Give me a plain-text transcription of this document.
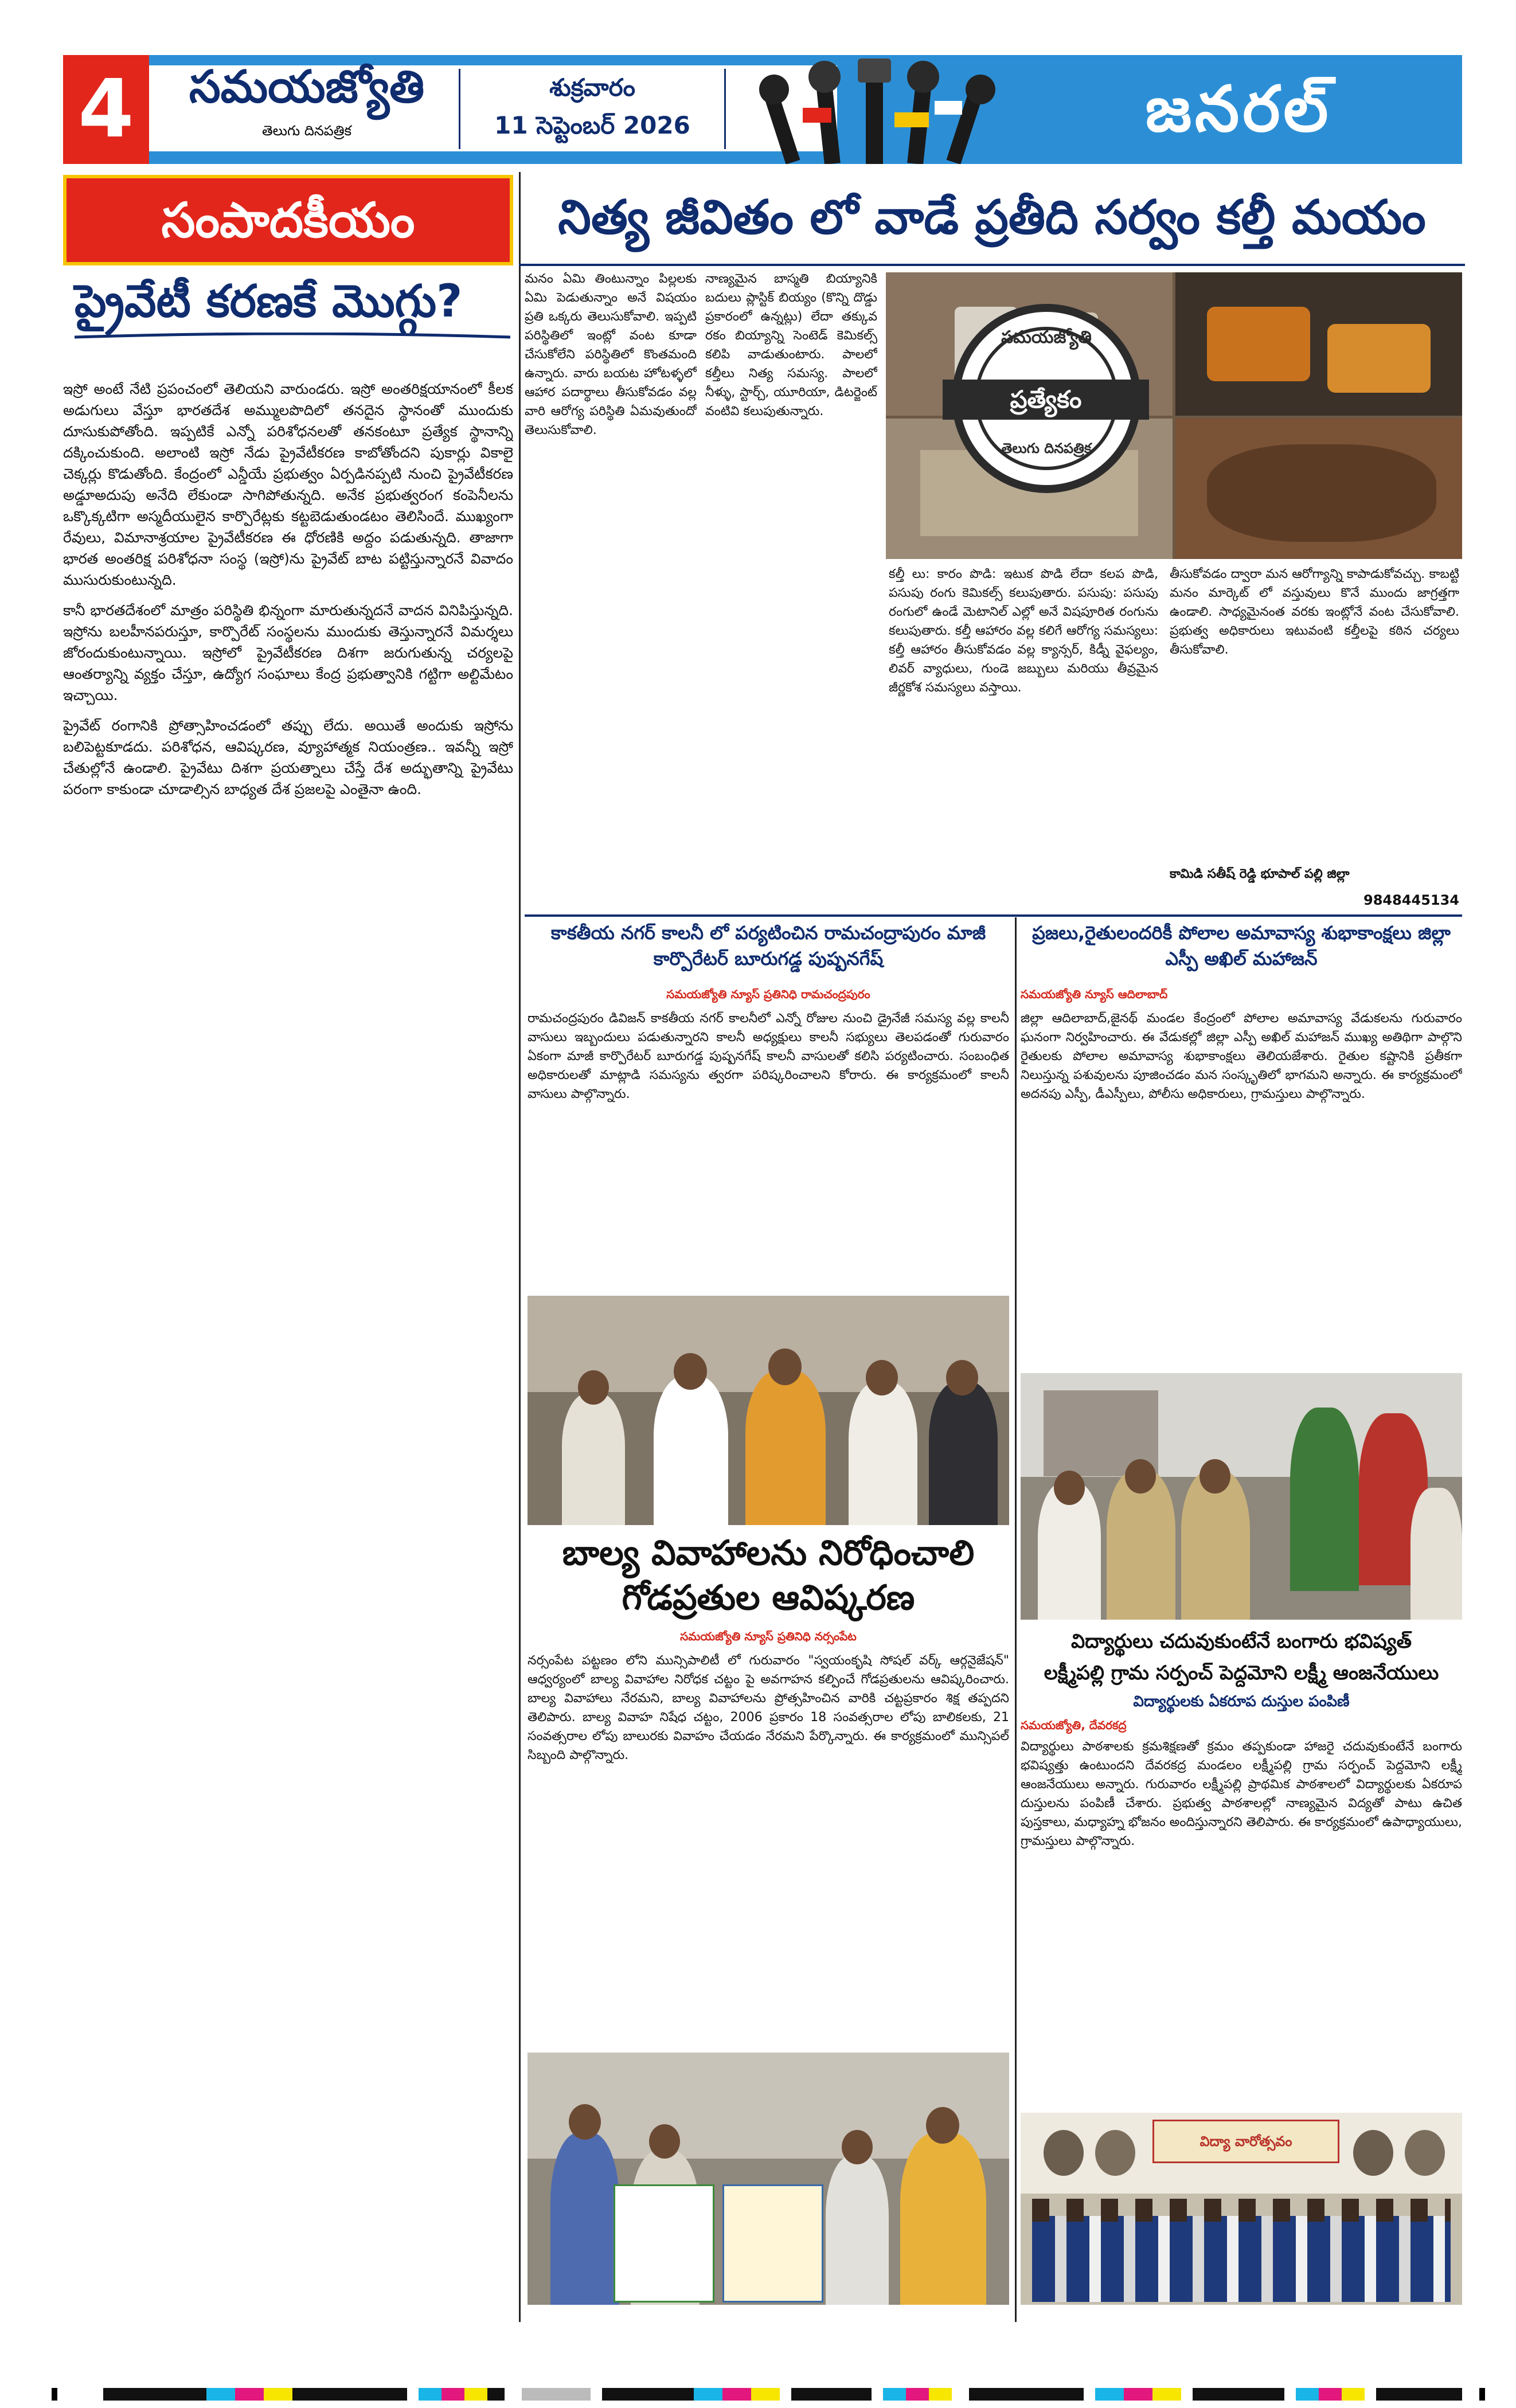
4	సమయజ్యోతి
తెలుగు దినపత్రిక
శుక్రవారం
11 సెప్టెంబర్ 2026	జనరల్
సంపాదకీయం
ప్రైవేటీ కరణకే మొగ్గు?

ఇస్రో అంటే నేటి ప్రపంచంలో తెలియని వారుండరు. ఇస్రో అంతరిక్షయానంలో కీలక అడుగులు వేస్తూ భారతదేశ అమ్ములపొదిలో తనదైన స్థానంతో ముందుకు దూసుకుపోతోంది. ఇప్పటికే ఎన్నో పరిశోధనలతో తనకంటూ ప్రత్యేక స్థానాన్ని దక్కించుకుంది. అలాంటి ఇస్రో నేడు ప్రైవేటీకరణ కాబోతోందని పుకార్లు వికాలై చెక్కర్లు కొడుతోంది. కేంద్రంలో ఎన్డీయే ప్రభుత్వం ఏర్పడినప్పటి నుంచి ప్రైవేటీకరణ అడ్డూఅదుపు అనేది లేకుండా సాగిపోతున్నది. అనేక ప్రభుత్వరంగ కంపెనీలను ఒక్కొక్కటిగా అస్మదీయులైన కార్పొరేట్లకు కట్టబెడుతుండటం తెలిసిందే. ముఖ్యంగా రేవులు, విమానాశ్రయాల ప్రైవేటీకరణ ఈ ధోరణికి అద్దం పడుతున్నది. తాజాగా భారత అంతరిక్ష పరిశోధనా సంస్థ (ఇస్రో)ను ప్రైవేట్ బాట పట్టిస్తున్నారనే వివాదం ముసురుకుంటున్నది.

కానీ భారతదేశంలో మాత్రం పరిస్థితి భిన్నంగా మారుతున్నదనే వాదన వినిపిస్తున్నది. ఇస్రోను బలహీనపరుస్తూ, కార్పొరేట్ సంస్థలను ముందుకు తెస్తున్నారనే విమర్శలు జోరందుకుంటున్నాయి. ఇస్రోలో ప్రైవేటీకరణ దిశగా జరుగుతున్న చర్యలపై ఆంతర్యాన్ని వ్యక్తం చేస్తూ, ఉద్యోగ సంఘాలు కేంద్ర ప్రభుత్వానికి గట్టిగా అల్టిమేటం ఇచ్చాయి.

ప్రైవేట్ రంగానికి ప్రోత్సాహించడంలో తప్పు లేదు. అయితే అందుకు ఇస్రోను బలిపెట్టకూడదు. పరిశోధన, ఆవిష్కరణ, వ్యూహాత్మక నియంత్రణ.. ఇవన్నీ ఇస్రో చేతుల్లోనే ఉండాలి. ప్రైవేటు దిశగా ప్రయత్నాలు చేస్తే దేశ అద్భుతాన్ని ప్రైవేటు పరంగా కాకుండా చూడాల్సిన బాధ్యత దేశ ప్రజలపై ఎంతైనా ఉంది.

నిత్య జీవితం లో వాడే ప్రతీది సర్వం కల్తీ మయం

మనం ఏమి తింటున్నాం పిల్లలకు ఏమి పెడుతున్నాం అనే విషయం ప్రతి ఒక్కరు తెలుసుకోవాలి. ఇప్పటి పరిస్థితిలో ఇంట్లో వంట కూడా చేసుకోలేని పరిస్థితిలో కొంతమంది ఉన్నారు. వారు బయట హోటళ్ళలో ఆహార పదార్థాలు తీసుకోవడం వల్ల వారి ఆరోగ్య పరిస్థితి ఏమవుతుందో తెలుసుకోవాలి.

నాణ్యమైన బాస్మతి బియ్యానికి బదులు ప్లాస్టిక్ బియ్యం (కొన్ని దొడ్డు ప్రకారంలో ఉన్నట్లు) లేదా తక్కువ రకం బియ్యాన్ని సెంటెడ్ కెమికల్స్ కలిపి వాడుతుంటారు. పాలలో కల్తీలు నిత్య సమస్య. పాలలో నీళ్ళు, స్టార్చ్, యూరియా, డిటర్జెంట్ వంటివి కలుపుతున్నారు.

సమయజ్యోతి
ప్రత్యేకం
తెలుగు దినపత్రిక

కల్తీ లు: కారం పొడి: ఇటుక పొడి లేదా కలప పొడి, పసుపు రంగు కెమికల్స్ కలుపుతారు. పసుపు: పసుపు రంగులో ఉండే మెటానిల్ ఎల్లో అనే విషపూరిత రంగును కలుపుతారు. కల్తీ ఆహారం వల్ల కలిగే ఆరోగ్య సమస్యలు: కల్తీ ఆహారం తీసుకోవడం వల్ల క్యాన్సర్, కిడ్నీ వైఫల్యం, లివర్ వ్యాధులు, గుండె జబ్బులు మరియు తీవ్రమైన జీర్ణకోశ సమస్యలు వస్తాయి.

తీసుకోవడం ద్వారా మన ఆరోగ్యాన్ని కాపాడుకోవచ్చు. కాబట్టి మనం మార్కెట్ లో వస్తువులు కొనే ముందు జాగ్రత్తగా ఉండాలి. సాధ్యమైనంత వరకు ఇంట్లోనే వంట చేసుకోవాలి. ప్రభుత్వ అధికారులు ఇటువంటి కల్తీలపై కఠిన చర్యలు తీసుకోవాలి.

కామిడి సతీష్ రెడ్డి భూపాల్ పల్లి జిల్లా
9848445134
కాకతీయ నగర్ కాలనీ లో పర్యటించిన రామచంద్రాపురం మాజీ కార్పొరేటర్ బూరుగడ్డ పుష్పనగేష్
సమయజ్యోతి న్యూస్ ప్రతినిధి రామచంద్రపురం
రామచంద్రపురం డివిజన్ కాకతీయ నగర్ కాలనీలో ఎన్నో రోజుల నుంచి డ్రైనేజీ సమస్య వల్ల కాలనీ వాసులు ఇబ్బందులు పడుతున్నారని కాలనీ అధ్యక్షులు కాలనీ సభ్యులు తెలపడంతో గురువారం ఏకంగా మాజీ కార్పొరేటర్ బూరుగడ్డ పుష్పనగేష్ కాలనీ వాసులతో కలిసి పర్యటించారు. సంబంధిత అధికారులతో మాట్లాడి సమస్యను త్వరగా పరిష్కరించాలని కోరారు. ఈ కార్యక్రమంలో కాలనీ వాసులు పాల్గొన్నారు.
బాల్య వివాహాలను నిరోధించాలి గోడప్రతుల ఆవిష్కరణ
సమయజ్యోతి న్యూస్ ప్రతినిధి నర్సంపేట
నర్సంపేట పట్టణం లోని మున్సిపాలిటీ లో గురువారం "స్వయంకృషి సోషల్ వర్క్ ఆర్గనైజేషన్" ఆధ్వర్యంలో బాల్య వివాహాల నిరోధక చట్టం పై అవగాహన కల్పించే గోడప్రతులను ఆవిష్కరించారు. బాల్య వివాహాలు నేరమని, బాల్య వివాహాలను ప్రోత్సహించిన వారికి చట్టప్రకారం శిక్ష తప్పదని తెలిపారు. బాల్య వివాహ నిషేధ చట్టం, 2006 ప్రకారం 18 సంవత్సరాల లోపు బాలికలకు, 21 సంవత్సరాల లోపు బాలురకు వివాహం చేయడం నేరమని పేర్కొన్నారు. ఈ కార్యక్రమంలో మున్సిపల్ సిబ్బంది పాల్గొన్నారు.
ప్రజలు,రైతులందరికీ పోలాల అమావాస్య శుభాకాంక్షలు జిల్లా ఎస్పీ అఖిల్ మహాజన్
సమయజ్యోతి న్యూస్ ఆదిలాబాద్
జిల్లా ఆదిలాబాద్,జైనథ్ మండల కేంద్రంలో పోలాల అమావాస్య వేడుకలను గురువారం ఘనంగా నిర్వహించారు. ఈ వేడుకల్లో జిల్లా ఎస్పీ అఖిల్ మహాజన్ ముఖ్య అతిథిగా పాల్గొని రైతులకు పోలాల అమావాస్య శుభాకాంక్షలు తెలియజేశారు. రైతుల కష్టానికి ప్రతీకగా నిలుస్తున్న పశువులను పూజించడం మన సంస్కృతిలో భాగమని అన్నారు. ఈ కార్యక్రమంలో అదనపు ఎస్పీ, డీఎస్పీలు, పోలీసు అధికారులు, గ్రామస్తులు పాల్గొన్నారు.
విద్యార్థులు చదువుకుంటేనే బంగారు భవిష్యత్
లక్ష్మీపల్లి గ్రామ సర్పంచ్ పెద్దమోని లక్ష్మీ ఆంజనేయులు
విద్యార్థులకు ఏకరూప దుస్తుల పంపిణీ
సమయజ్యోతి, దేవరకద్ర
విద్యార్థులు పాఠశాలకు క్రమశిక్షణతో క్రమం తప్పకుండా హాజరై చదువుకుంటేనే బంగారు భవిష్యత్తు ఉంటుందని దేవరకద్ర మండలం లక్ష్మీపల్లి గ్రామ సర్పంచ్ పెద్దమోని లక్ష్మీ ఆంజనేయులు అన్నారు. గురువారం లక్ష్మీపల్లి ప్రాథమిక పాఠశాలలో విద్యార్థులకు ఏకరూప దుస్తులను పంపిణీ చేశారు. ప్రభుత్వ పాఠశాలల్లో నాణ్యమైన విద్యతో పాటు ఉచిత పుస్తకాలు, మధ్యాహ్న భోజనం అందిస్తున్నారని తెలిపారు. ఈ కార్యక్రమంలో ఉపాధ్యాయులు, గ్రామస్తులు పాల్గొన్నారు.
విద్యా వారోత్సవం
